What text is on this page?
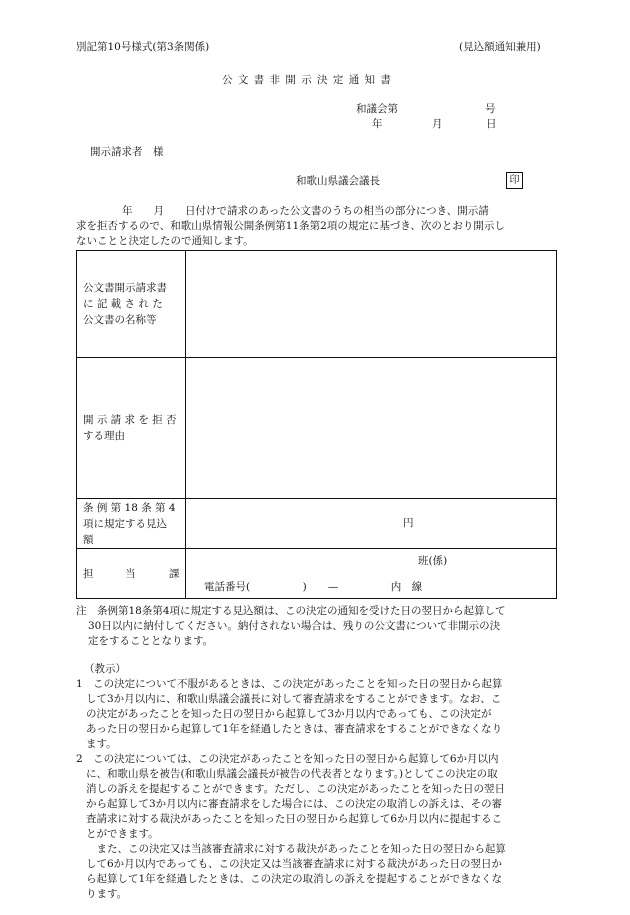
別記第10号様式(第3条関係)	(見込額通知兼用)
公 文 書 非 開 示 決 定 通 知 書
和議会第	号
年	月	日
開示請求者　様
和歌山県議会議長	印
年　　月　　日付けで請求のあった公文書のうちの相当の部分につき、開示請
求を拒否するので、和歌山県情報公開条例第11条第2項の規定に基づき、次のとおり開示し
ないことと決定したので通知します。
公文書開示請求書
に 記 載 さ れ た
公文書の名称等	

開 示 請 求 を 拒 否
する理由	

条 例 第 18 条 第 4
項に規定する見込
額	円

担 当 課	班(係)
電話番号(　　　　　)　　—　　　　　内　線
注　条例第18条第4項に規定する見込額は、この決定の通知を受けた日の翌日から起算して
30日以内に納付してください。納付されない場合は、残りの公文書について非開示の決
定をすることとなります。
（教示）
1　この決定について不服があるときは、この決定があったことを知った日の翌日から起算
して3か月以内に、和歌山県議会議長に対して審査請求をすることができます。なお、こ
の決定があったことを知った日の翌日から起算して3か月以内であっても、この決定が
あった日の翌日から起算して1年を経過したときは、審査請求をすることができなくなり
ます。
2　この決定については、この決定があったことを知った日の翌日から起算して6か月以内
に、和歌山県を被告(和歌山県議会議長が被告の代表者となります。)としてこの決定の取
消しの訴えを提起することができます。ただし、この決定があったことを知った日の翌日
から起算して3か月以内に審査請求をした場合には、この決定の取消しの訴えは、その審
査請求に対する裁決があったことを知った日の翌日から起算して6か月以内に提起するこ
とができます。
　また、この決定又は当該審査請求に対する裁決があったことを知った日の翌日から起算
して6か月以内であっても、この決定又は当該審査請求に対する裁決があった日の翌日か
ら起算して1年を経過したときは、この決定の取消しの訴えを提起することができなくな
ります。
